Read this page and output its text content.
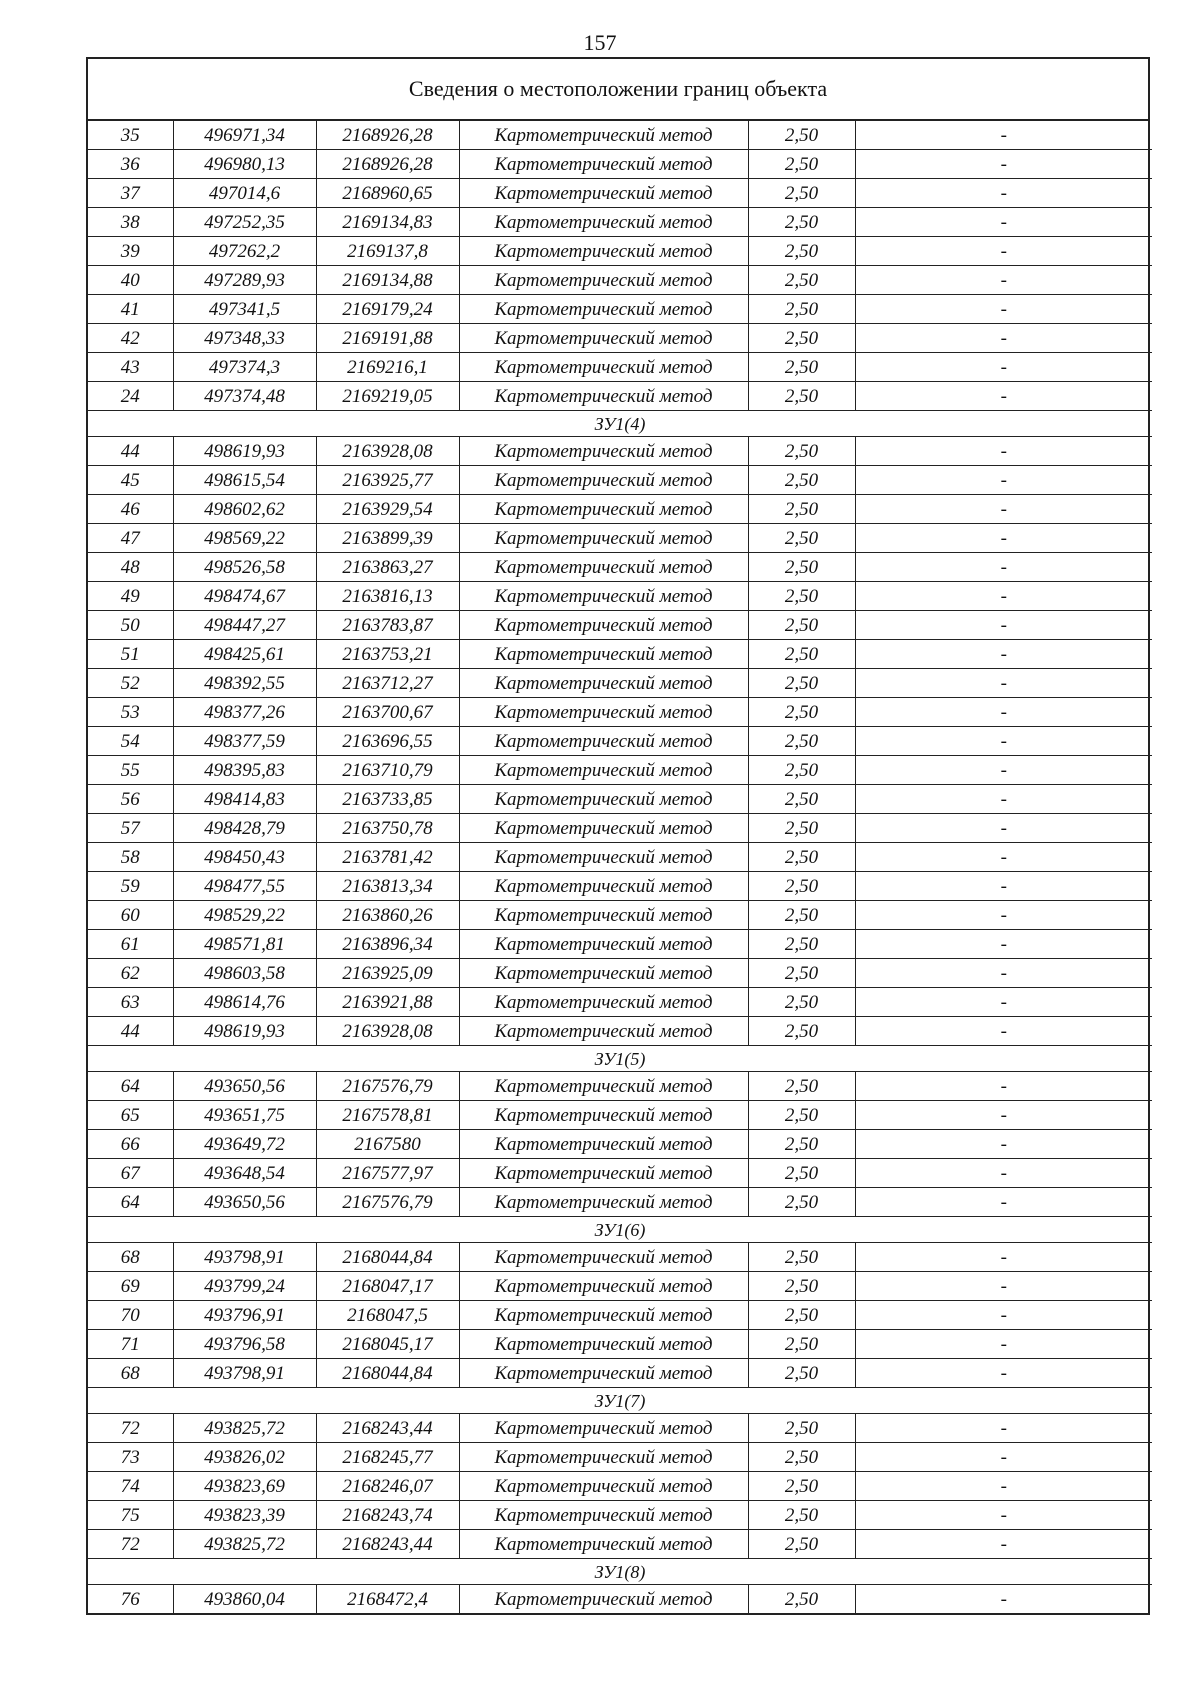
157
Сведения о местоположении границ объекта
35	496971,34	2168926,28	Картометрический метод	2,50	-
36	496980,13	2168926,28	Картометрический метод	2,50	-
37	497014,6	2168960,65	Картометрический метод	2,50	-
38	497252,35	2169134,83	Картометрический метод	2,50	-
39	497262,2	2169137,8	Картометрический метод	2,50	-
40	497289,93	2169134,88	Картометрический метод	2,50	-
41	497341,5	2169179,24	Картометрический метод	2,50	-
42	497348,33	2169191,88	Картометрический метод	2,50	-
43	497374,3	2169216,1	Картометрический метод	2,50	-
24	497374,48	2169219,05	Картометрический метод	2,50	-
ЗУ1(4)					
44	498619,93	2163928,08	Картометрический метод	2,50	-
45	498615,54	2163925,77	Картометрический метод	2,50	-
46	498602,62	2163929,54	Картометрический метод	2,50	-
47	498569,22	2163899,39	Картометрический метод	2,50	-
48	498526,58	2163863,27	Картометрический метод	2,50	-
49	498474,67	2163816,13	Картометрический метод	2,50	-
50	498447,27	2163783,87	Картометрический метод	2,50	-
51	498425,61	2163753,21	Картометрический метод	2,50	-
52	498392,55	2163712,27	Картометрический метод	2,50	-
53	498377,26	2163700,67	Картометрический метод	2,50	-
54	498377,59	2163696,55	Картометрический метод	2,50	-
55	498395,83	2163710,79	Картометрический метод	2,50	-
56	498414,83	2163733,85	Картометрический метод	2,50	-
57	498428,79	2163750,78	Картометрический метод	2,50	-
58	498450,43	2163781,42	Картометрический метод	2,50	-
59	498477,55	2163813,34	Картометрический метод	2,50	-
60	498529,22	2163860,26	Картометрический метод	2,50	-
61	498571,81	2163896,34	Картометрический метод	2,50	-
62	498603,58	2163925,09	Картометрический метод	2,50	-
63	498614,76	2163921,88	Картометрический метод	2,50	-
44	498619,93	2163928,08	Картометрический метод	2,50	-
ЗУ1(5)					
64	493650,56	2167576,79	Картометрический метод	2,50	-
65	493651,75	2167578,81	Картометрический метод	2,50	-
66	493649,72	2167580	Картометрический метод	2,50	-
67	493648,54	2167577,97	Картометрический метод	2,50	-
64	493650,56	2167576,79	Картометрический метод	2,50	-
ЗУ1(6)					
68	493798,91	2168044,84	Картометрический метод	2,50	-
69	493799,24	2168047,17	Картометрический метод	2,50	-
70	493796,91	2168047,5	Картометрический метод	2,50	-
71	493796,58	2168045,17	Картометрический метод	2,50	-
68	493798,91	2168044,84	Картометрический метод	2,50	-
ЗУ1(7)					
72	493825,72	2168243,44	Картометрический метод	2,50	-
73	493826,02	2168245,77	Картометрический метод	2,50	-
74	493823,69	2168246,07	Картометрический метод	2,50	-
75	493823,39	2168243,74	Картометрический метод	2,50	-
72	493825,72	2168243,44	Картометрический метод	2,50	-
ЗУ1(8)					
76	493860,04	2168472,4	Картометрический метод	2,50	-
